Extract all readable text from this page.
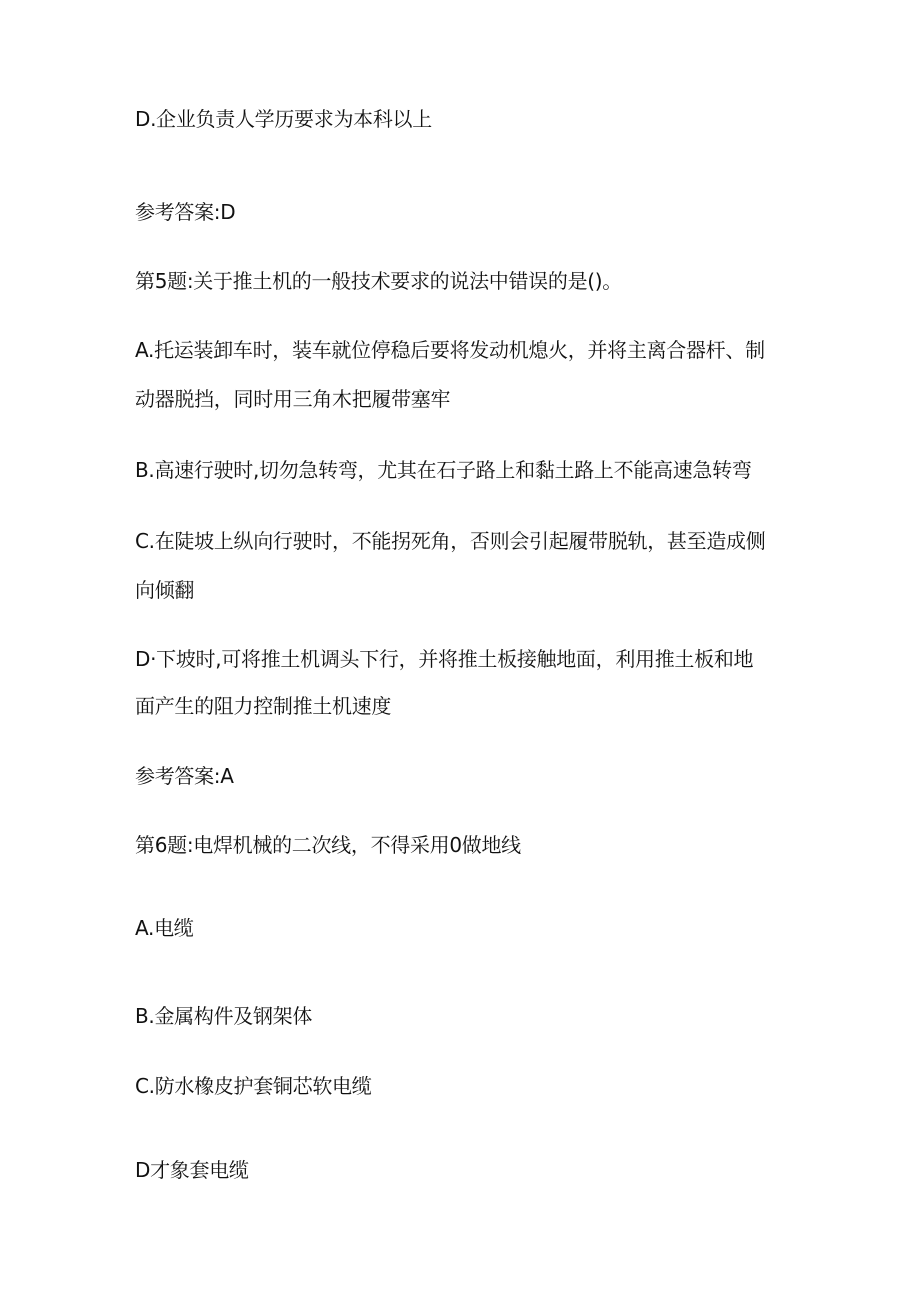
D.企业负责人学历要求为本科以上

参考答案:D

第5题:关于推土机的一般技术要求的说法中错误的是()。

A.托运装卸车时，装车就位停稳后要将发动机熄火，并将主离合器杆、制

动器脱挡，同时用三角木把履带塞牢

B.高速行驶时,切勿急转弯，尤其在石子路上和黏土路上不能高速急转弯

C.在陡坡上纵向行驶时，不能拐死角，否则会引起履带脱轨，甚至造成侧

向倾翻

D·下坡时,可将推土机调头下行，并将推土板接触地面，利用推土板和地

面产生的阻力控制推土机速度

参考答案:A

第6题:电焊机械的二次线，不得采用0做地线

A.电缆

B.金属构件及钢架体

C.防水橡皮护套铜芯软电缆

D才象套电缆
